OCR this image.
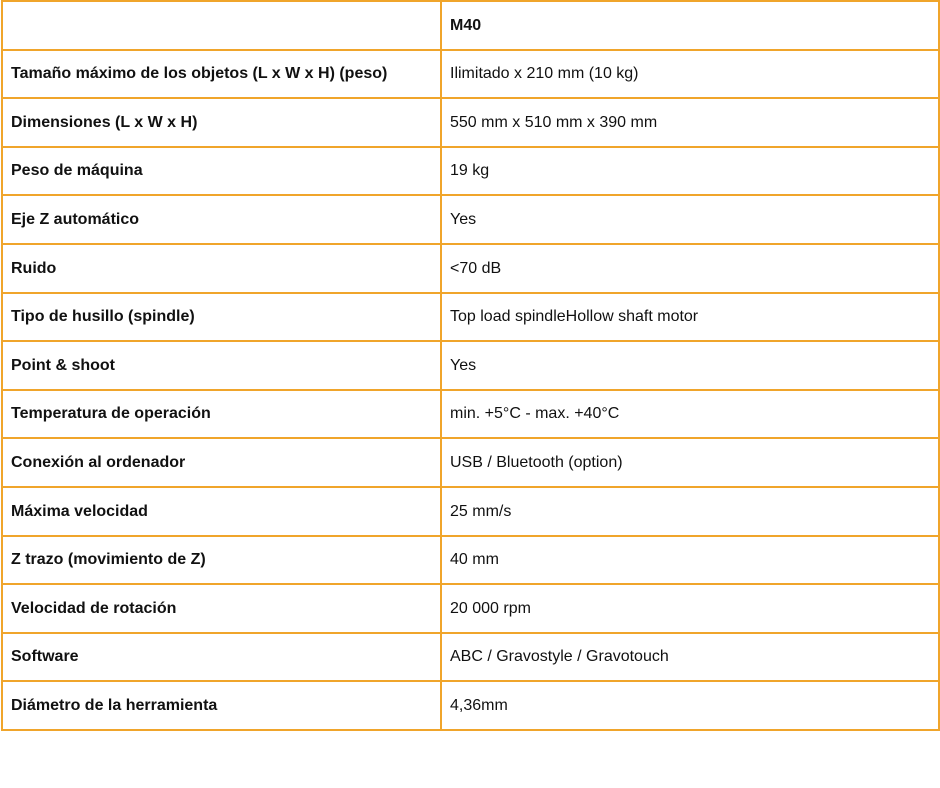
	M40
Tamaño máximo de los objetos (L x W x H) (peso)	Ilimitado x 210 mm (10 kg)
Dimensiones (L x W x H)	550 mm x 510 mm x 390 mm
Peso de máquina	19 kg
Eje Z automático	Yes
Ruido	<70 dB
Tipo de husillo (spindle)	Top load spindleHollow shaft motor
Point & shoot	Yes
Temperatura de operación	min. +5°C - max. +40°C
Conexión al ordenador	USB / Bluetooth (option)
Máxima velocidad	25 mm/s
Z trazo (movimiento de Z)	40 mm
Velocidad de rotación	20 000 rpm
Software	ABC / Gravostyle / Gravotouch
Diámetro de la herramienta	4,36mm
